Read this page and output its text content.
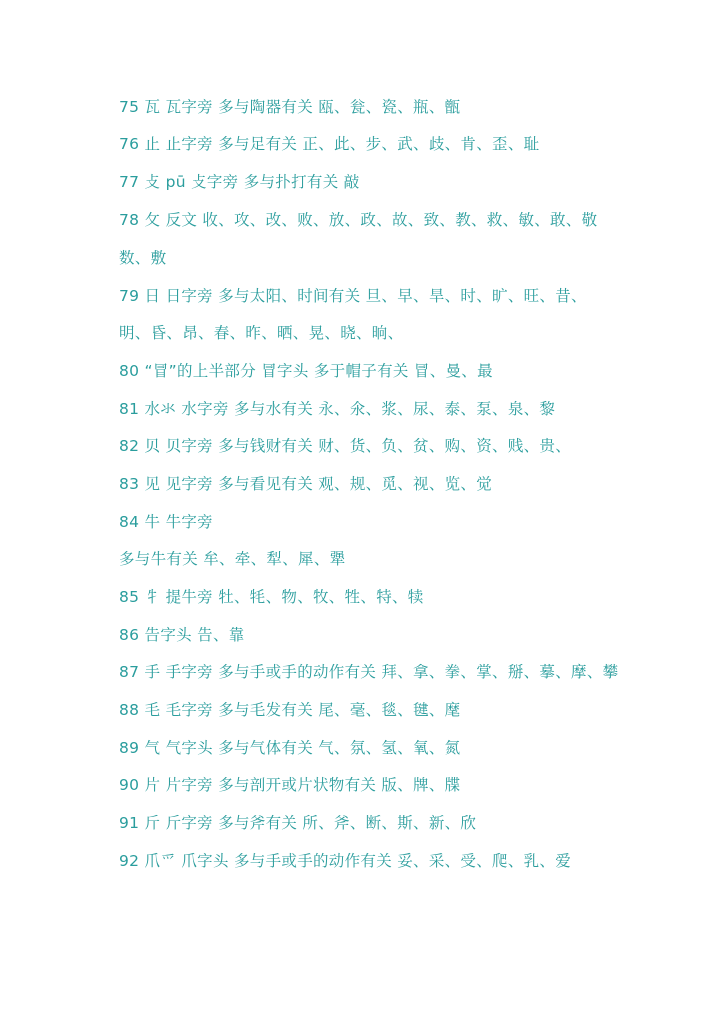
75 瓦 瓦字旁 多与陶器有关 瓯、瓮、瓷、瓶、甑
76 止 止字旁 多与足有关 正、此、步、武、歧、肯、歪、耻
77 攴 pū 攴字旁 多与扑打有关 敲
78 攵 反文 收、攻、改、败、放、政、故、致、教、救、敏、敢、敬
数、敷
79 日 日字旁 多与太阳、时间有关 旦、早、旱、时、旷、旺、昔、
明、昏、昂、春、昨、晒、晃、晓、晌、
80 “冒”的上半部分 冒字头 多于帽子有关 冒、曼、最
81 水氺 水字旁 多与水有关 永、氽、浆、尿、泰、泵、泉、黎
82 贝 贝字旁 多与钱财有关 财、货、负、贫、购、资、贱、贵、
83 见 见字旁 多与看见有关 观、规、觅、视、览、觉
84 牛 牛字旁
多与牛有关 牟、牵、犁、犀、犟
85 牜 提牛旁 牡、牦、物、牧、牲、特、犊
86 告字头 告、靠
87 手 手字旁 多与手或手的动作有关 拜、拿、拳、掌、掰、摹、摩、攀
88 毛 毛字旁 多与毛发有关 尾、毫、毯、毽、麾
89 气 气字头 多与气体有关 气、氛、氢、氧、氮
90 片 片字旁 多与剖开或片状物有关 版、牌、牒
91 斤 斤字旁 多与斧有关 所、斧、断、斯、新、欣
92 爪爫 爪字头 多与手或手的动作有关 妥、采、受、爬、乳、爱
